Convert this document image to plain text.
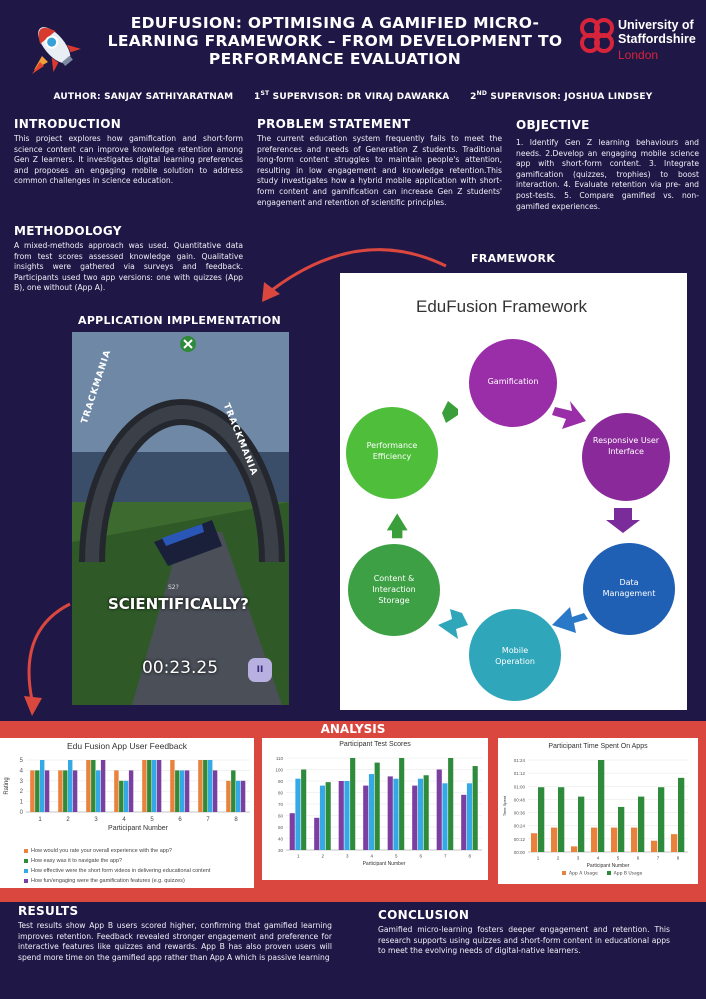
EDUFUSION: OPTIMISING A GAMIFIED MICRO-LEARNING FRAMEWORK – FROM DEVELOPMENT TO PERFORMANCE EVALUATION
University of Staffordshire
London
AUTHOR: SANJAY SATHIYARATNAM 1ST SUPERVISOR: DR VIRAJ DAWARKA 2ND SUPERVISOR: JOSHUA LINDSEY
INTRODUCTION
This project explores how gamification and short-form science content can improve knowledge retention among Gen Z learners. It investigates digital learning preferences and proposes an engaging mobile solution to address common challenges in science education.
PROBLEM STATEMENT
The current education system frequently fails to meet the preferences and needs of Generation Z students. Traditional long-form content struggles to maintain people's attention, resulting in low engagement and knowledge retention.This study investigates how a hybrid mobile application with short-form content and gamification can increase Gen Z students' engagement and retention of scientific principles.
OBJECTIVE
1. Identify Gen Z learning behaviours and needs. 2.Develop an engaging mobile science app with short-form content. 3. Integrate gamification (quizzes, trophies) to boost interaction. 4. Evaluate retention via pre- and post-tests. 5. Compare gamified vs. non-gamified experiences.
METHODOLOGY
A mixed-methods approach was used. Quantitative data from test scores assessed knowledge gain. Qualitative insights were gathered via surveys and feedback. Participants used two app versions: one with quizzes (App B), one without (App A).
FRAMEWORK
EduFusion Framework
Gamification
Responsive User Interface
Data Management
Mobile Operation
Content & Interaction Storage
Performance Efficiency
APPLICATION IMPLEMENTATION
TRACKMANIA
TRACKMANIA
S2?
SCIENTIFICALLY?
00:23.25	II
ANALYSIS
Edu Fusion App User Feedback
0
1
2
3
4
5
1	2	3	4	5	6	7	8
Participant Number
Rating
How would you rate your overall experience with the app?
How easy was it to navigate the app?
How effective were the short form videos in delivering educational content
How fun/engaging were the gamification features (e.g. quizzes)
Participant Test Scores
30
40
50
60
70
80
90
100
110
1	2	3	4	5	6	7	8
Participant Number
Participant Time Spent On Apps
00:00
00:12
00:24
00:36
00:48
01:00
01:12
01:24
1	2	3	4	5	6	7	8
Participant Number
Time Spent
App A Usage	App B Usage
RESULTS
Test results show App B users scored higher, confirming that gamified learning improves retention. Feedback revealed stronger engagement and preference for interactive features like quizzes and rewards. App B has also proven users will spend more time on the gamified app rather than App A which is passive learning
CONCLUSION
Gamified micro-learning fosters deeper engagement and retention. This research supports using quizzes and short-form content in educational apps to meet the evolving needs of digital-native learners.
